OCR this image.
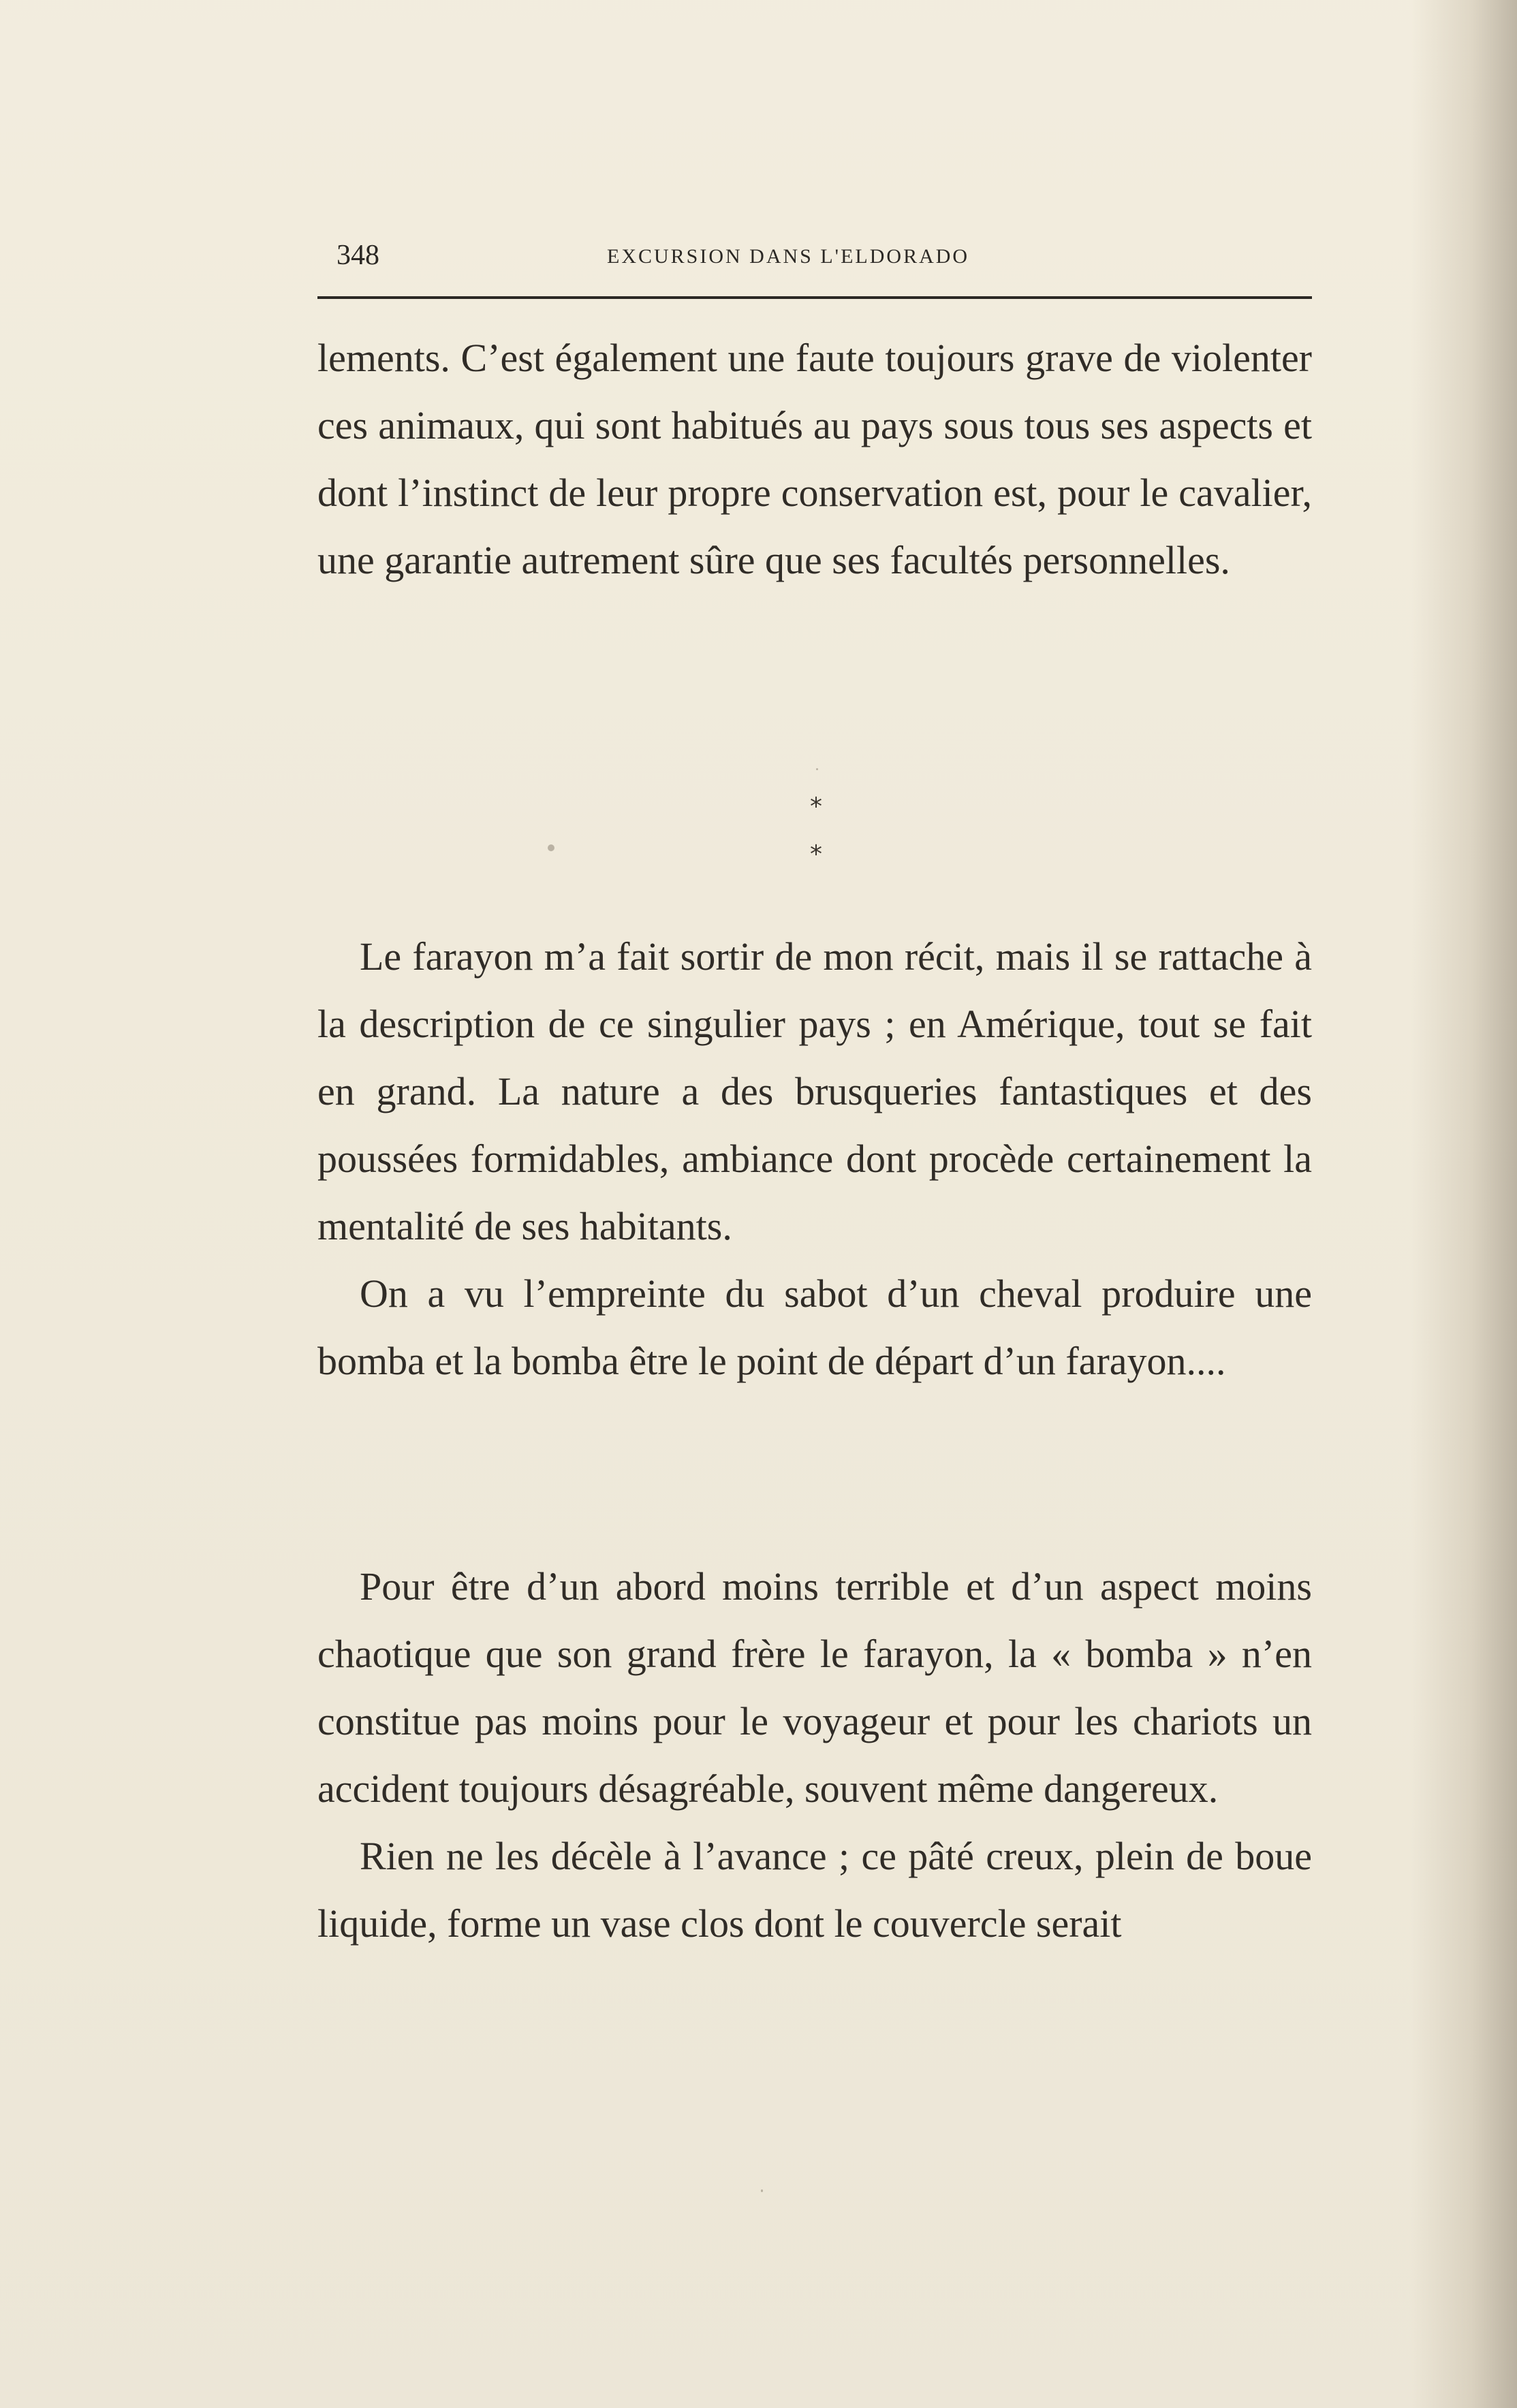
348	EXCURSION DANS L'ELDORADO

lements. C’est également une faute toujours grave de violenter ces animaux, qui sont habitués au pays sous tous ses aspects et dont l’instinct de leur propre conservation est, pour le cavalier, une garantie autrement sûre que ses facultés personnelles.

* *

Le farayon m’a fait sortir de mon récit, mais il se rattache à la description de ce singulier pays ; en Amérique, tout se fait en grand. La nature a des brusqueries fantastiques et des poussées formidables, ambiance dont procède certainement la mentalité de ses habitants.

On a vu l’empreinte du sabot d’un cheval produire une bomba et la bomba être le point de départ d’un farayon....

Pour être d’un abord moins terrible et d’un aspect moins chaotique que son grand frère le farayon, la « bomba » n’en constitue pas moins pour le voyageur et pour les chariots un accident toujours désagréable, souvent même dangereux.

Rien ne les décèle à l’avance ; ce pâté creux, plein de boue liquide, forme un vase clos dont le couvercle serait
